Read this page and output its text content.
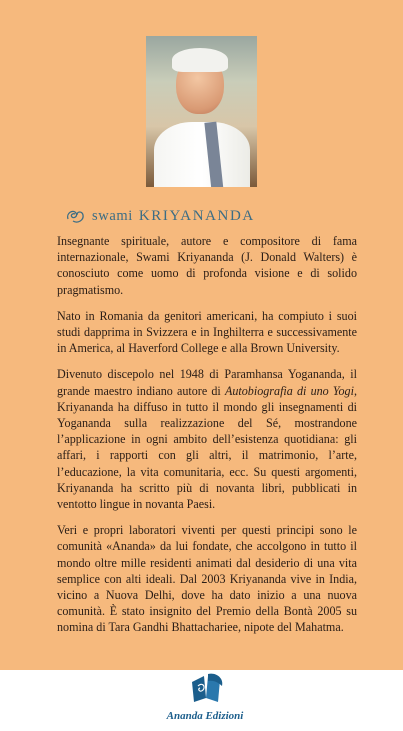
swami KRIYANANDA

Insegnante spirituale, autore e compositore di fama internazionale, Swami Kriyananda (J. Donald Walters) è conosciuto come uomo di profonda visione e di solido pragmatismo.

Nato in Romania da genitori americani, ha compiuto i suoi studi dapprima in Svizzera e in Inghilterra e successivamente in America, al Haverford College e alla Brown University.

Divenuto discepolo nel 1948 di Paramhansa Yogananda, il grande maestro indiano autore di Autobiografia di uno Yogi, Kriyananda ha diffuso in tutto il mondo gli insegnamenti di Yogananda sulla realizzazione del Sé, mostrandone l’applicazione in ogni ambito dell’esistenza quotidiana: gli affari, i rapporti con gli altri, il matrimonio, l’arte, l’educazione, la vita comunitaria, ecc. Su questi argomenti, Kriyananda ha scritto più di novanta libri, pubblicati in ventotto lingue in novanta Paesi.

Veri e propri laboratori viventi per questi principi sono le comunità «Ananda» da lui fondate, che accolgono in tutto il mondo oltre mille residenti animati dal desiderio di una vita semplice con alti ideali. Dal 2003 Kriyananda vive in India, vicino a Nuova Delhi, dove ha dato inizio a una nuova comunità. È stato insignito del Premio della Bontà 2005 su nomina di Tara Gandhi Bhattachariee, nipote del Mahatma.

Ananda Edizioni
